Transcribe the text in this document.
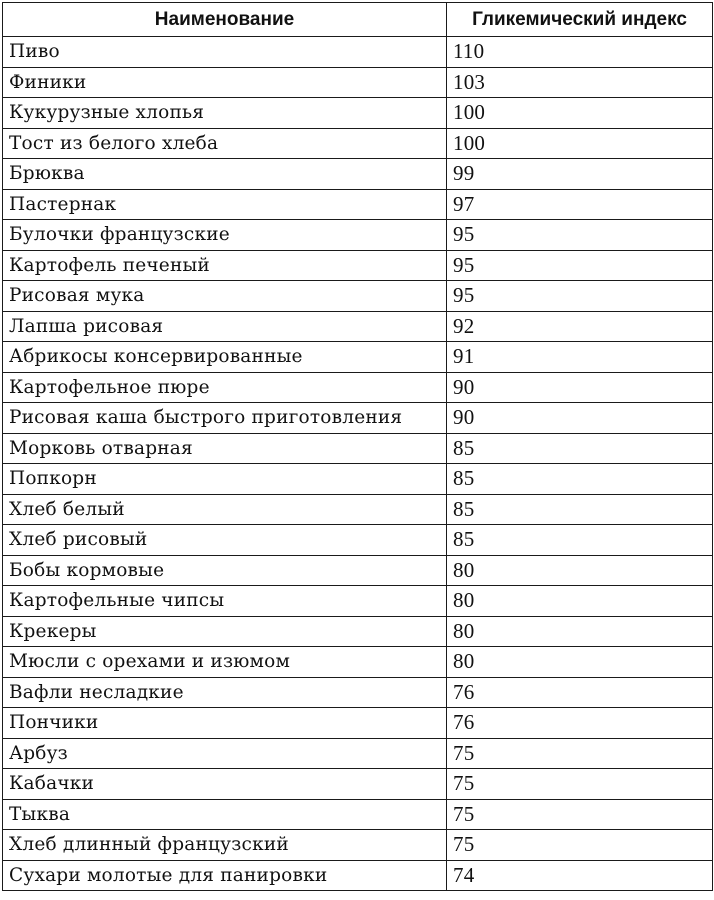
Наименование	Гликемический индекс
Пиво	110
Финики	103
Кукурузные хлопья	100
Тост из белого хлеба	100
Брюква	99
Пастернак	97
Булочки французские	95
Картофель печеный	95
Рисовая мука	95
Лапша рисовая	92
Абрикосы консервированные	91
Картофельное пюре	90
Рисовая каша быстрого приготовления	90
Морковь отварная	85
Попкорн	85
Хлеб белый	85
Хлеб рисовый	85
Бобы кормовые	80
Картофельные чипсы	80
Крекеры	80
Мюсли с орехами и изюмом	80
Вафли несладкие	76
Пончики	76
Арбуз	75
Кабачки	75
Тыква	75
Хлеб длинный французский	75
Сухари молотые для панировки	74
